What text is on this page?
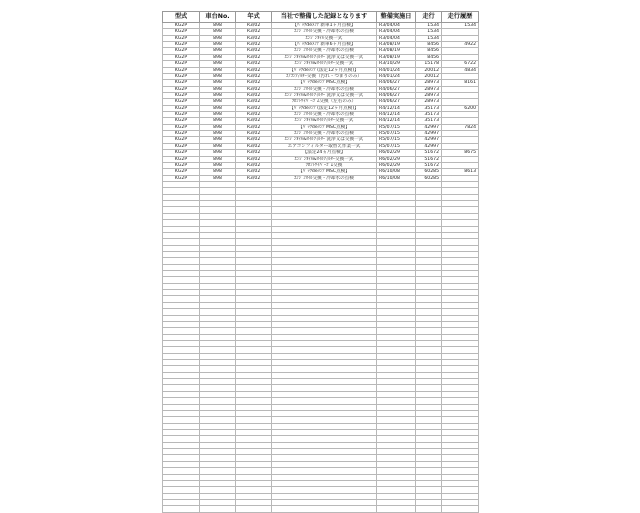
型式	車台No.	年式	当社で整備した記録となります	整備実施日	走行	走行履歴
KG2P	898	R3/02	【ﾊﾟｯｸdeﾒﾝﾃ 新車1ヶ月点検】	R3/04/04	1534	1534
KG2P	898	R3/02	ｴﾝｼﾞﾝｵｲﾙ交換・冷却水の点検	R3/04/04	1534	
KG2P	898	R3/02	ｴﾝｼﾞﾝｵｲﾙ交換一式	R3/04/04	1534	
KG2P	898	R3/02	【ﾊﾟｯｸdeﾒﾝﾃ 新車6ヶ月点検】	R3/08/19	8456	4922
KG2P	898	R3/02	ｴﾝｼﾞﾝｵｲﾙ交換・冷却水の点検	R3/08/19	8456	
KG2P	898	R3/02	ｴﾝｼﾞﾝｵｲﾙ&ｵｲﾙﾌｨﾙﾀｰ 洗浄又は交換一式	R3/08/19	8456	
KG2P	898	R3/02	ｴﾝｼﾞﾝｵｲﾙ&ｵｲﾙﾌｨﾙﾀｰ交換一式	R3/10/29	15178	6722
KG2P	898	R3/02	【ﾊﾟｯｸdeﾒﾝﾃ (法定12ヶ月点検)】	R4/01/24	20012	4834
KG2P	898	R3/02	ｴｱｺﾝﾌｨﾙﾀｰ交換（汚れ・つまりのみ）	R4/01/24	20012	
KG2P	898	R3/02	【ﾊﾟｯｸdeﾒﾝﾃ MSC点検】	R4/06/27	28973	8161
KG2P	898	R3/02	ｴﾝｼﾞﾝｵｲﾙ交換・冷却水の点検	R4/06/27	28973	
KG2P	898	R3/02	ｴﾝｼﾞﾝｵｲﾙ&ｵｲﾙﾌｨﾙﾀｰ 洗浄又は交換一式	R4/06/27	28973	
KG2P	898	R3/02	ﾌﾛﾝﾄﾜｲﾊﾟｰｺﾞﾑ交換（左右のみ）	R4/06/27	28973	
KG2P	898	R3/02	【ﾊﾟｯｸdeﾒﾝﾃ (法定12ヶ月点検)】	R4/12/14	35173	6200
KG2P	898	R3/02	ｴﾝｼﾞﾝｵｲﾙ交換・冷却水の点検	R4/12/14	35173	
KG2P	898	R3/02	ｴﾝｼﾞﾝｵｲﾙ&ｵｲﾙﾌｨﾙﾀｰ交換一式	R4/12/14	35173	
KG2P	898	R3/02	【ﾊﾟｯｸdeﾒﾝﾃ MSC点検】	R5/07/15	42997	7824
KG2P	898	R3/02	ｴﾝｼﾞﾝｵｲﾙ交換・冷却水の点検	R5/07/15	42997	
KG2P	898	R3/02	ｴﾝｼﾞﾝｵｲﾙ&ｵｲﾙﾌｨﾙﾀｰ 洗浄又は交換一式	R5/07/15	42997	
KG2P	898	R3/02	エアコンフィルター取替え作業一式	R5/07/15	42997	
KG2P	898	R3/02	【法定24ヵ月点検】	R6/02/29	51672	8675
KG2P	898	R3/02	ｴﾝｼﾞﾝｵｲﾙ&ｵｲﾙﾌｨﾙﾀｰ交換一式	R6/02/29	51672	
KG2P	898	R3/02	ﾌﾛﾝﾄﾜｲﾊﾟｰｺﾞﾑ交換	R6/02/29	51672	
KG2P	898	R3/02	【ﾊﾟｯｸdeﾒﾝﾃ MSC点検】	R6/10/08	60285	8613
KG2P	898	R3/02	ｴﾝｼﾞﾝｵｲﾙ交換・冷却水の点検	R6/10/08	60285	
